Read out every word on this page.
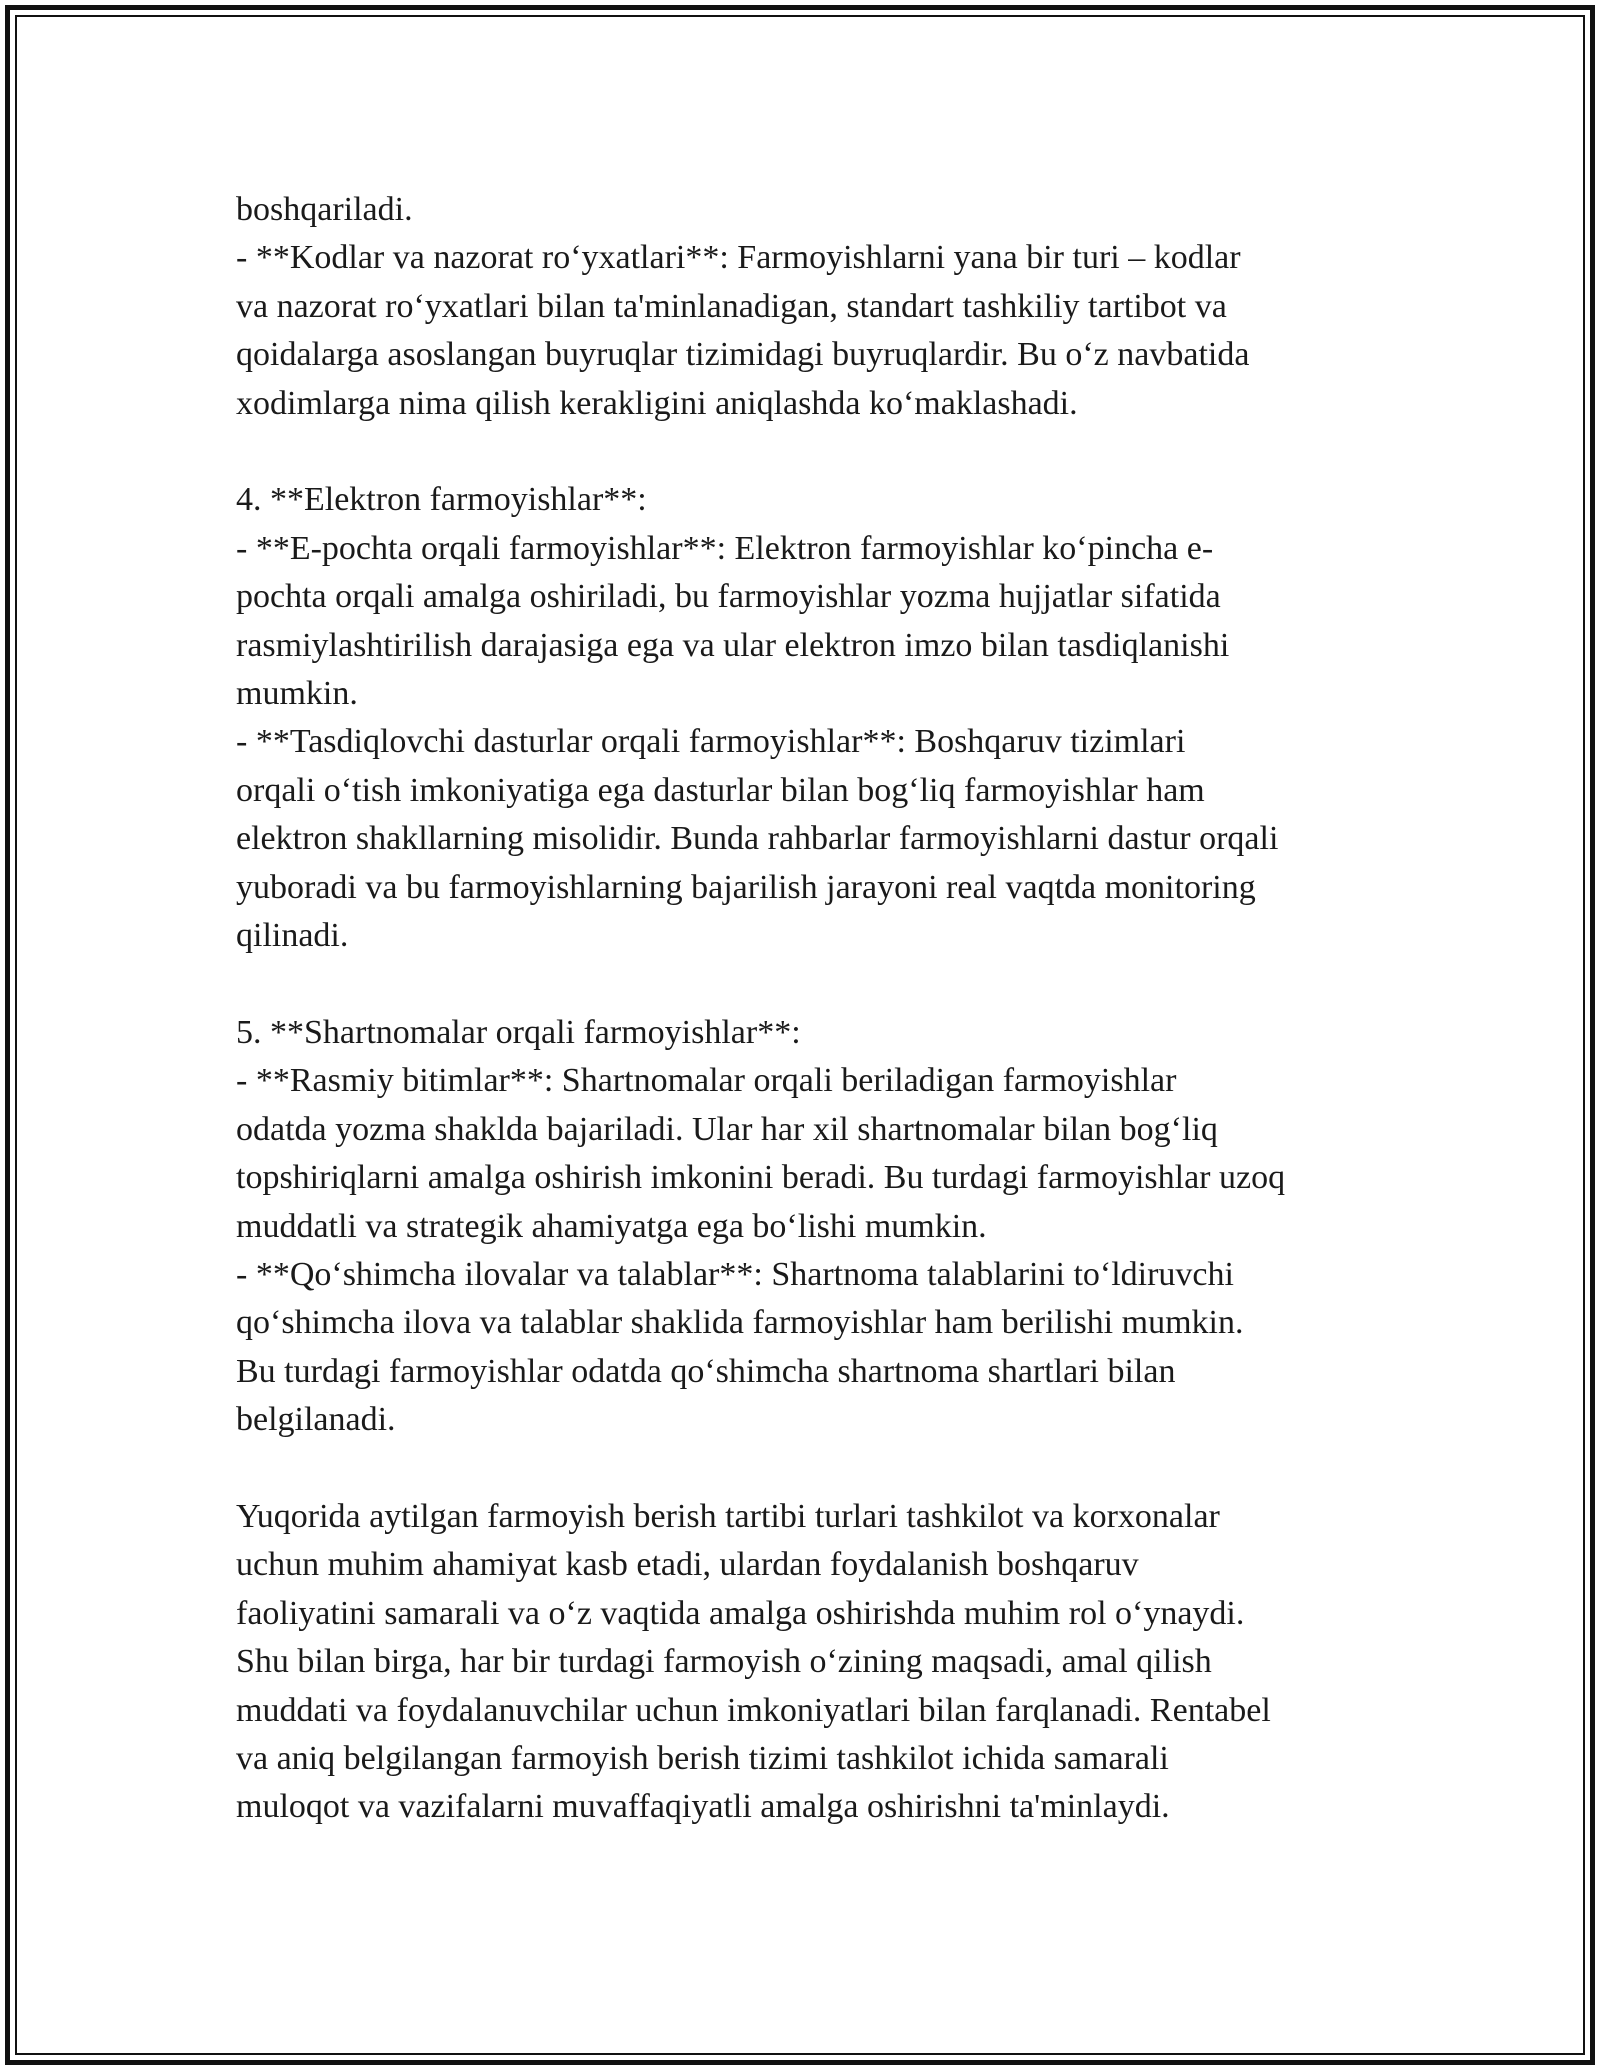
boshqariladi.

- **Kodlar va nazorat ro‘yxatlari**: Farmoyishlarni yana bir turi – kodlar

va nazorat ro‘yxatlari bilan ta'minlanadigan, standart tashkiliy tartibot va

qoidalarga asoslangan buyruqlar tizimidagi buyruqlardir. Bu o‘z navbatida

xodimlarga nima qilish kerakligini aniqlashda ko‘maklashadi.

4. **Elektron farmoyishlar**:

- **E-pochta orqali farmoyishlar**: Elektron farmoyishlar ko‘pincha e-

pochta orqali amalga oshiriladi, bu farmoyishlar yozma hujjatlar sifatida

rasmiylashtirilish darajasiga ega va ular elektron imzo bilan tasdiqlanishi

mumkin.

- **Tasdiqlovchi dasturlar orqali farmoyishlar**: Boshqaruv tizimlari

orqali o‘tish imkoniyatiga ega dasturlar bilan bog‘liq farmoyishlar ham

elektron shakllarning misolidir. Bunda rahbarlar farmoyishlarni dastur orqali

yuboradi va bu farmoyishlarning bajarilish jarayoni real vaqtda monitoring

qilinadi.

5. **Shartnomalar orqali farmoyishlar**:

- **Rasmiy bitimlar**: Shartnomalar orqali beriladigan farmoyishlar

odatda yozma shaklda bajariladi. Ular har xil shartnomalar bilan bog‘liq

topshiriqlarni amalga oshirish imkonini beradi. Bu turdagi farmoyishlar uzoq

muddatli va strategik ahamiyatga ega bo‘lishi mumkin.

- **Qo‘shimcha ilovalar va talablar**: Shartnoma talablarini to‘ldiruvchi

qo‘shimcha ilova va talablar shaklida farmoyishlar ham berilishi mumkin.

Bu turdagi farmoyishlar odatda qo‘shimcha shartnoma shartlari bilan

belgilanadi.

Yuqorida aytilgan farmoyish berish tartibi turlari tashkilot va korxonalar

uchun muhim ahamiyat kasb etadi, ulardan foydalanish boshqaruv

faoliyatini samarali va o‘z vaqtida amalga oshirishda muhim rol o‘ynaydi.

Shu bilan birga, har bir turdagi farmoyish o‘zining maqsadi, amal qilish

muddati va foydalanuvchilar uchun imkoniyatlari bilan farqlanadi. Rentabel

va aniq belgilangan farmoyish berish tizimi tashkilot ichida samarali

muloqot va vazifalarni muvaffaqiyatli amalga oshirishni ta'minlaydi.
